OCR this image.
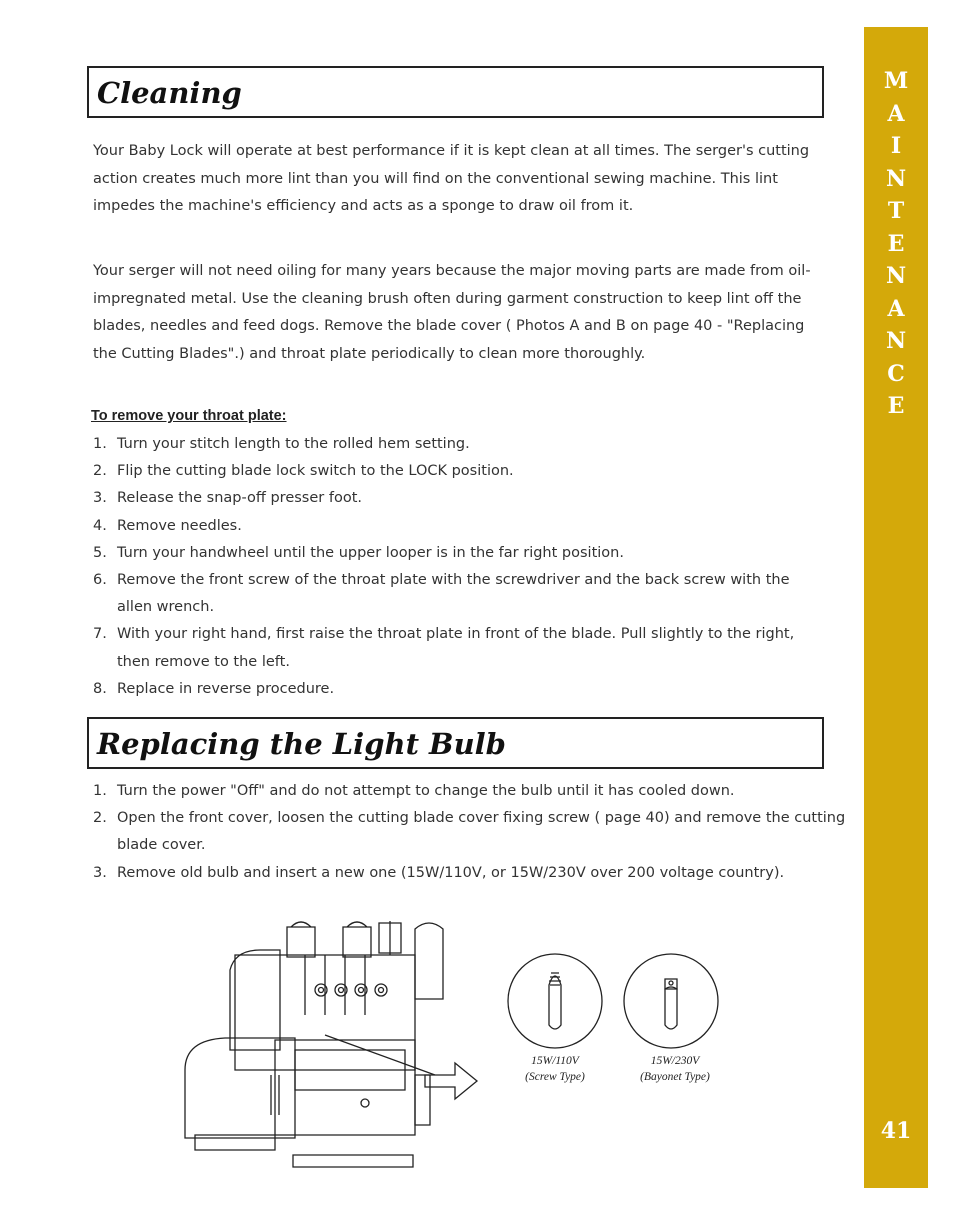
Cleaning

Your Baby Lock will operate at best performance if it is kept clean at all times. The serger's cutting action creates much more lint than you will find on the conventional sewing machine. This lint impedes the machine's efficiency and acts as a sponge to draw oil from it.

Your serger will not need oiling for many years because the major moving parts are made from oil-impregnated metal. Use the cleaning brush often during garment construction to keep lint off the blades, needles and feed dogs. Remove the blade cover ( Photos A and B on page 40 - "Replacing the Cutting Blades".) and throat plate periodically to clean more thoroughly.

To remove your throat plate:

1. Turn your stitch length to the rolled hem setting.
2. Flip the cutting blade lock switch to the LOCK position.
3. Release the snap-off presser foot.
4. Remove needles.
5. Turn your handwheel until the upper looper is in the far right position.
6. Remove the front screw of the throat plate with the screwdriver and the back screw with the allen wrench.
7. With your right hand, first raise the throat plate in front of the blade. Pull slightly to the right, then remove to the left.
8. Replace in reverse procedure.
Replacing the Light Bulb
1. Turn the power "Off" and do not attempt to change the bulb until it has cooled down.
2. Open the front cover, loosen the cutting blade cover fixing screw ( page 40) and remove the cutting blade cover.
3. Remove old bulb and insert a new one (15W/110V, or 15W/230V over 200 voltage country).
15W/110V
(Screw Type)
15W/230V
(Bayonet Type)
M
A
I
N
T
E
N
A
N
C
E
41
